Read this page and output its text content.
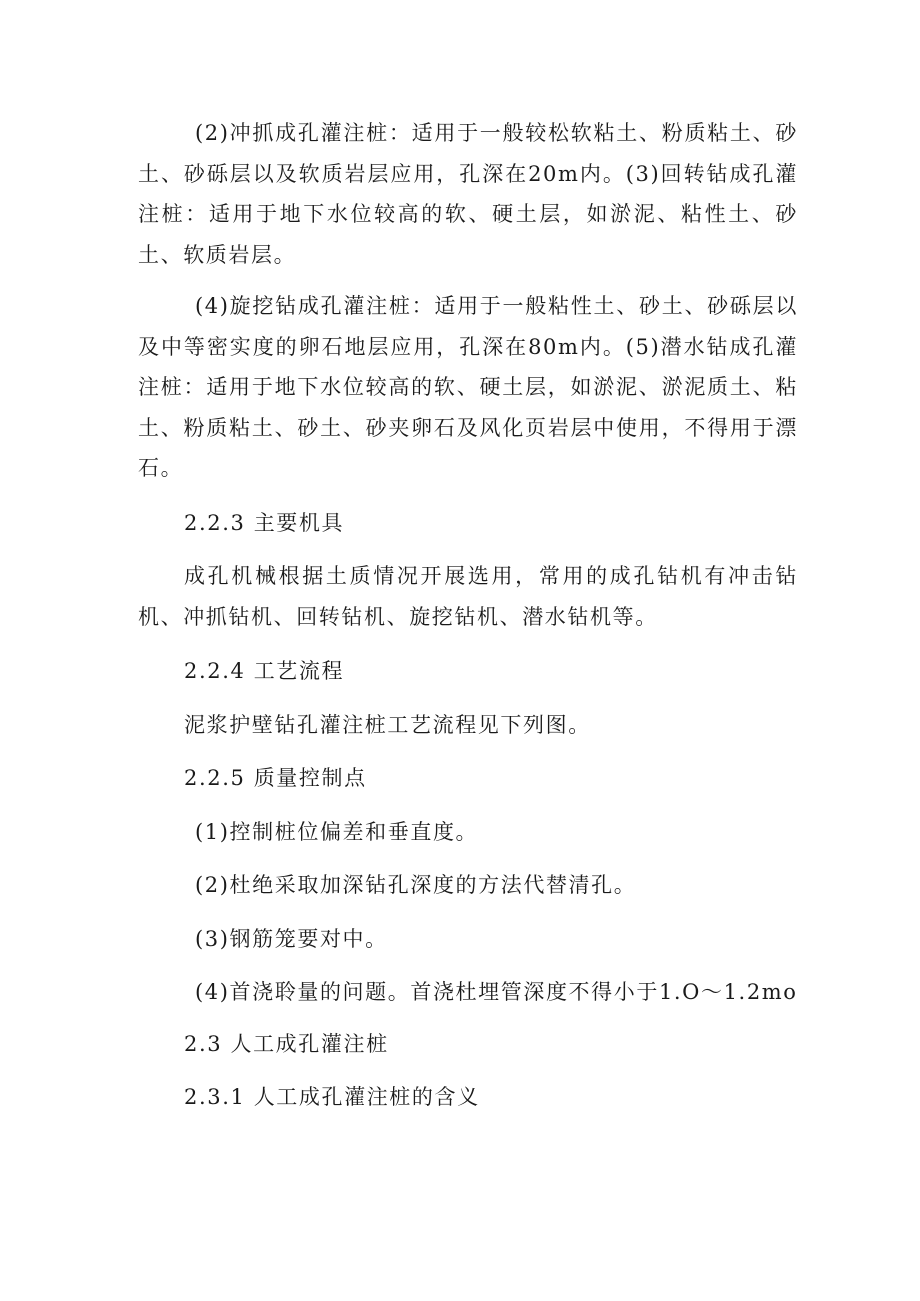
(2)冲抓成孔灌注桩：适用于一般较松软粘土、粉质粘土、砂土、砂砾层以及软质岩层应用，孔深在20m内。(3)回转钻成孔灌注桩：适用于地下水位较高的软、硬土层，如淤泥、粘性土、砂土、软质岩层。

(4)旋挖钻成孔灌注桩：适用于一般粘性土、砂土、砂砾层以及中等密实度的卵石地层应用，孔深在80m内。(5)潜水钻成孔灌注桩：适用于地下水位较高的软、硬土层，如淤泥、淤泥质土、粘土、粉质粘土、砂土、砂夹卵石及风化页岩层中使用，不得用于漂石。

2.2.3 主要机具

成孔机械根据土质情况开展选用，常用的成孔钻机有冲击钻机、冲抓钻机、回转钻机、旋挖钻机、潜水钻机等。

2.2.4 工艺流程

泥浆护壁钻孔灌注桩工艺流程见下列图。

2.2.5 质量控制点

(1)控制桩位偏差和垂直度。

(2)杜绝采取加深钻孔深度的方法代替清孔。

(3)钢筋笼要对中。

(4)首浇聆量的问题。首浇杜埋管深度不得小于1.O～1.2mo

2.3 人工成孔灌注桩

2.3.1 人工成孔灌注桩的含义
